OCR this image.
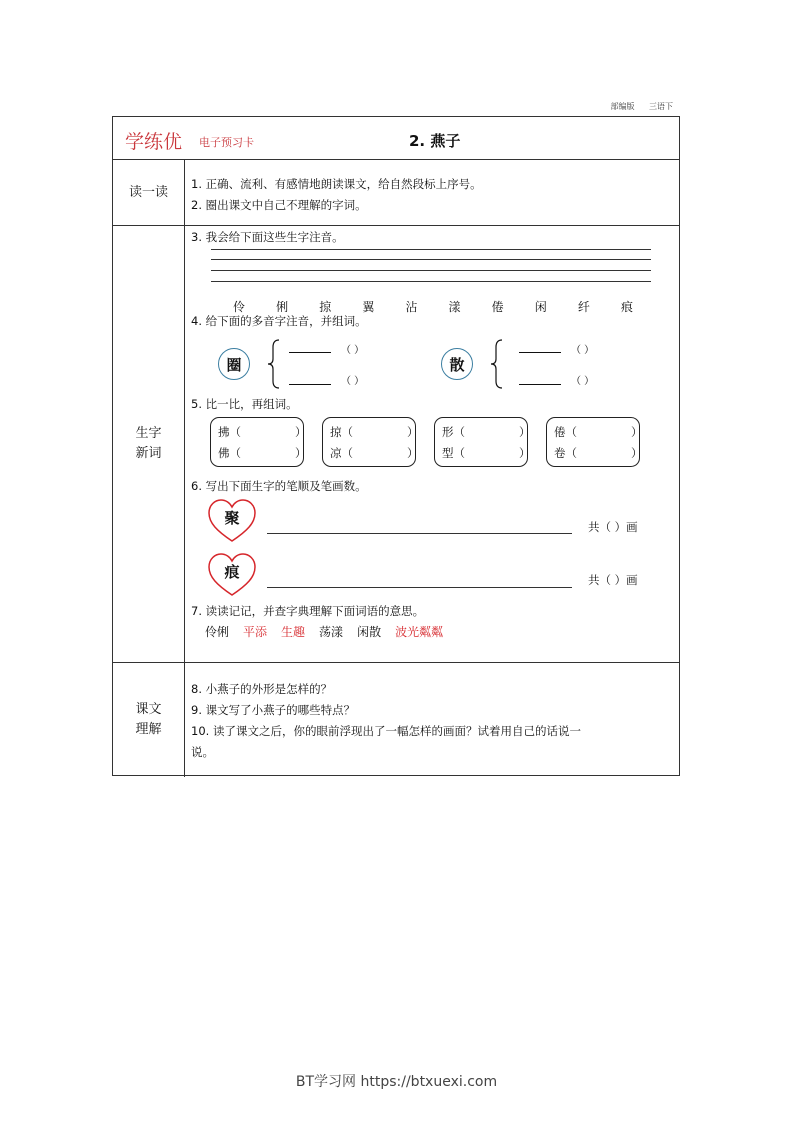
部编版 三语下
学练优 电子预习卡	2. 燕子
读一读
1. 正确、流利、有感情地朗读课文，给自然段标上序号。
2. 圈出课文中自己不理解的字词。
生字
新词
3. 我会给下面这些生字注音。
伶	俐	掠	翼	沾	漾	倦	闲	纤	痕
4. 给下面的多音字注音，并组词。
圈
（ ）
（ ）
散
（ ）
（ ）
5. 比一比，再组词。
拂（	）
佛（	）
掠（	）
凉（	）
形（	）
型（	）
倦（	）
卷（	）
6. 写出下面生字的笔顺及笔画数。
聚	共（ ）画
痕	共（ ）画
7. 读读记记，并查字典理解下面词语的意思。
伶俐 平添 生趣 荡漾 闲散 波光粼粼
课文
理解
8. 小燕子的外形是怎样的？
9. 课文写了小燕子的哪些特点？
10. 读了课文之后，你的眼前浮现出了一幅怎样的画面？试着用自己的话说一
说。
BT学习网 https://btxuexi.com
